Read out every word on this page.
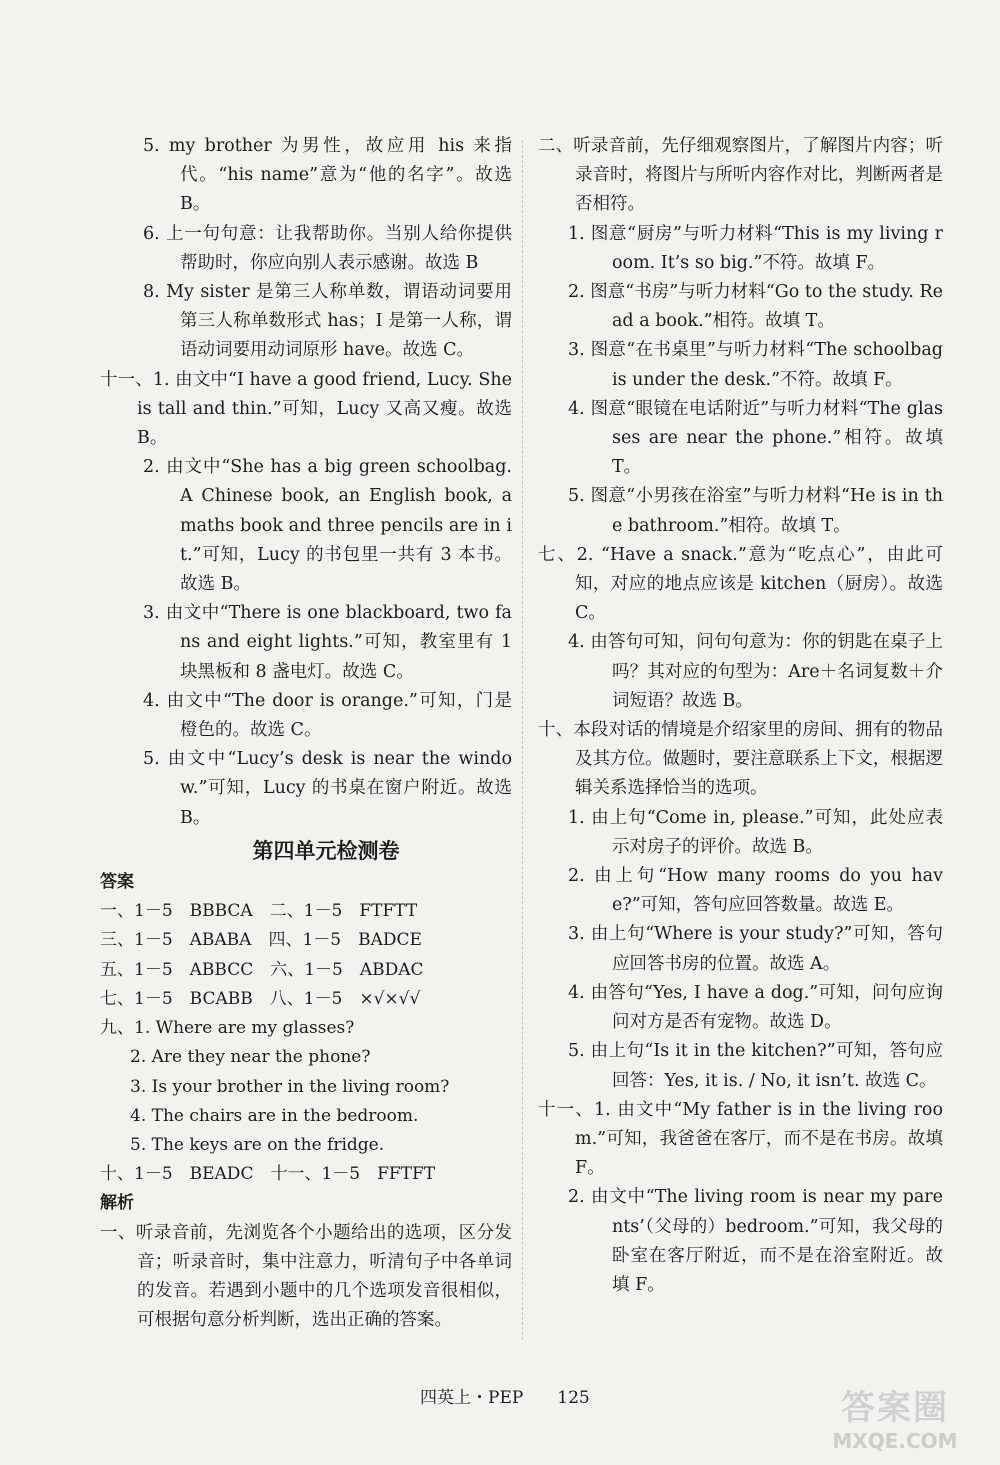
5. my brother 为男性，故应用 his 来指代。“his name”意为“他的名字”。故选 B。
6. 上一句句意：让我帮助你。当别人给你提供帮助时，你应向别人表示感谢。故选 B
8. My sister 是第三人称单数，谓语动词要用第三人称单数形式 has；I 是第一人称，谓语动词要用动词原形 have。故选 C。
十一、1. 由文中“I have a good friend, Lucy. She is tall and thin.”可知，Lucy 又高又瘦。故选 B。
2. 由文中“She has a big green schoolbag. A Chinese book, an English book, a maths book and three pencils are in it.”可知，Lucy 的书包里一共有 3 本书。故选 B。
3. 由文中“There is one blackboard, two fans and eight lights.”可知，教室里有 1 块黑板和 8 盏电灯。故选 C。
4. 由文中“The door is orange.”可知，门是橙色的。故选 C。
5. 由文中“Lucy’s desk is near the window.”可知，Lucy 的书桌在窗户附近。故选 B。
第四单元检测卷
答案
一、1－5　BBBCA　二、1－5　FTFTT
三、1－5　ABABA　四、1－5　BADCE
五、1－5　ABBCC　六、1－5　ABDAC
七、1－5　BCABB　八、1－5　×√×√√
九、1. Where are my glasses?
2. Are they near the phone?
3. Is your brother in the living room?
4. The chairs are in the bedroom.
5. The keys are on the fridge.
十、1－5　BEADC　十一、1－5　FFTFT
解析
一、听录音前，先浏览各个小题给出的选项，区分发音；听录音时，集中注意力，听清句子中各单词的发音。若遇到小题中的几个选项发音很相似，可根据句意分析判断，选出正确的答案。
二、听录音前，先仔细观察图片，了解图片内容；听录音时，将图片与所听内容作对比，判断两者是否相符。
1. 图意“厨房”与听力材料“This is my living room. It’s so big.”不符。故填 F。
2. 图意“书房”与听力材料“Go to the study. Read a book.”相符。故填 T。
3. 图意“在书桌里”与听力材料“The schoolbag is under the desk.”不符。故填 F。
4. 图意“眼镜在电话附近”与听力材料“The glasses are near the phone.”相符。故填 T。
5. 图意“小男孩在浴室”与听力材料“He is in the bathroom.”相符。故填 T。
七、2. “Have a snack.”意为“吃点心”，由此可知，对应的地点应该是 kitchen（厨房）。故选 C。
4. 由答句可知，问句句意为：你的钥匙在桌子上吗？其对应的句型为：Are＋名词复数＋介词短语？故选 B。
十、本段对话的情境是介绍家里的房间、拥有的物品及其方位。做题时，要注意联系上下文，根据逻辑关系选择恰当的选项。
1. 由上句“Come in, please.”可知，此处应表示对房子的评价。故选 B。
2. 由上句“How many rooms do you have?”可知，答句应回答数量。故选 E。
3. 由上句“Where is your study?”可知，答句应回答书房的位置。故选 A。
4. 由答句“Yes, I have a dog.”可知，问句应询问对方是否有宠物。故选 D。
5. 由上句“Is it in the kitchen?”可知，答句应回答：Yes, it is. / No, it isn’t. 故选 C。
十一、1. 由文中“My father is in the living room.”可知，我爸爸在客厅，而不是在书房。故填 F。
2. 由文中“The living room is near my parents’（父母的）bedroom.”可知，我父母的卧室在客厅附近，而不是在浴室附近。故填 F。
四英上・PEP　　125	答案圈
MXQE.COM
